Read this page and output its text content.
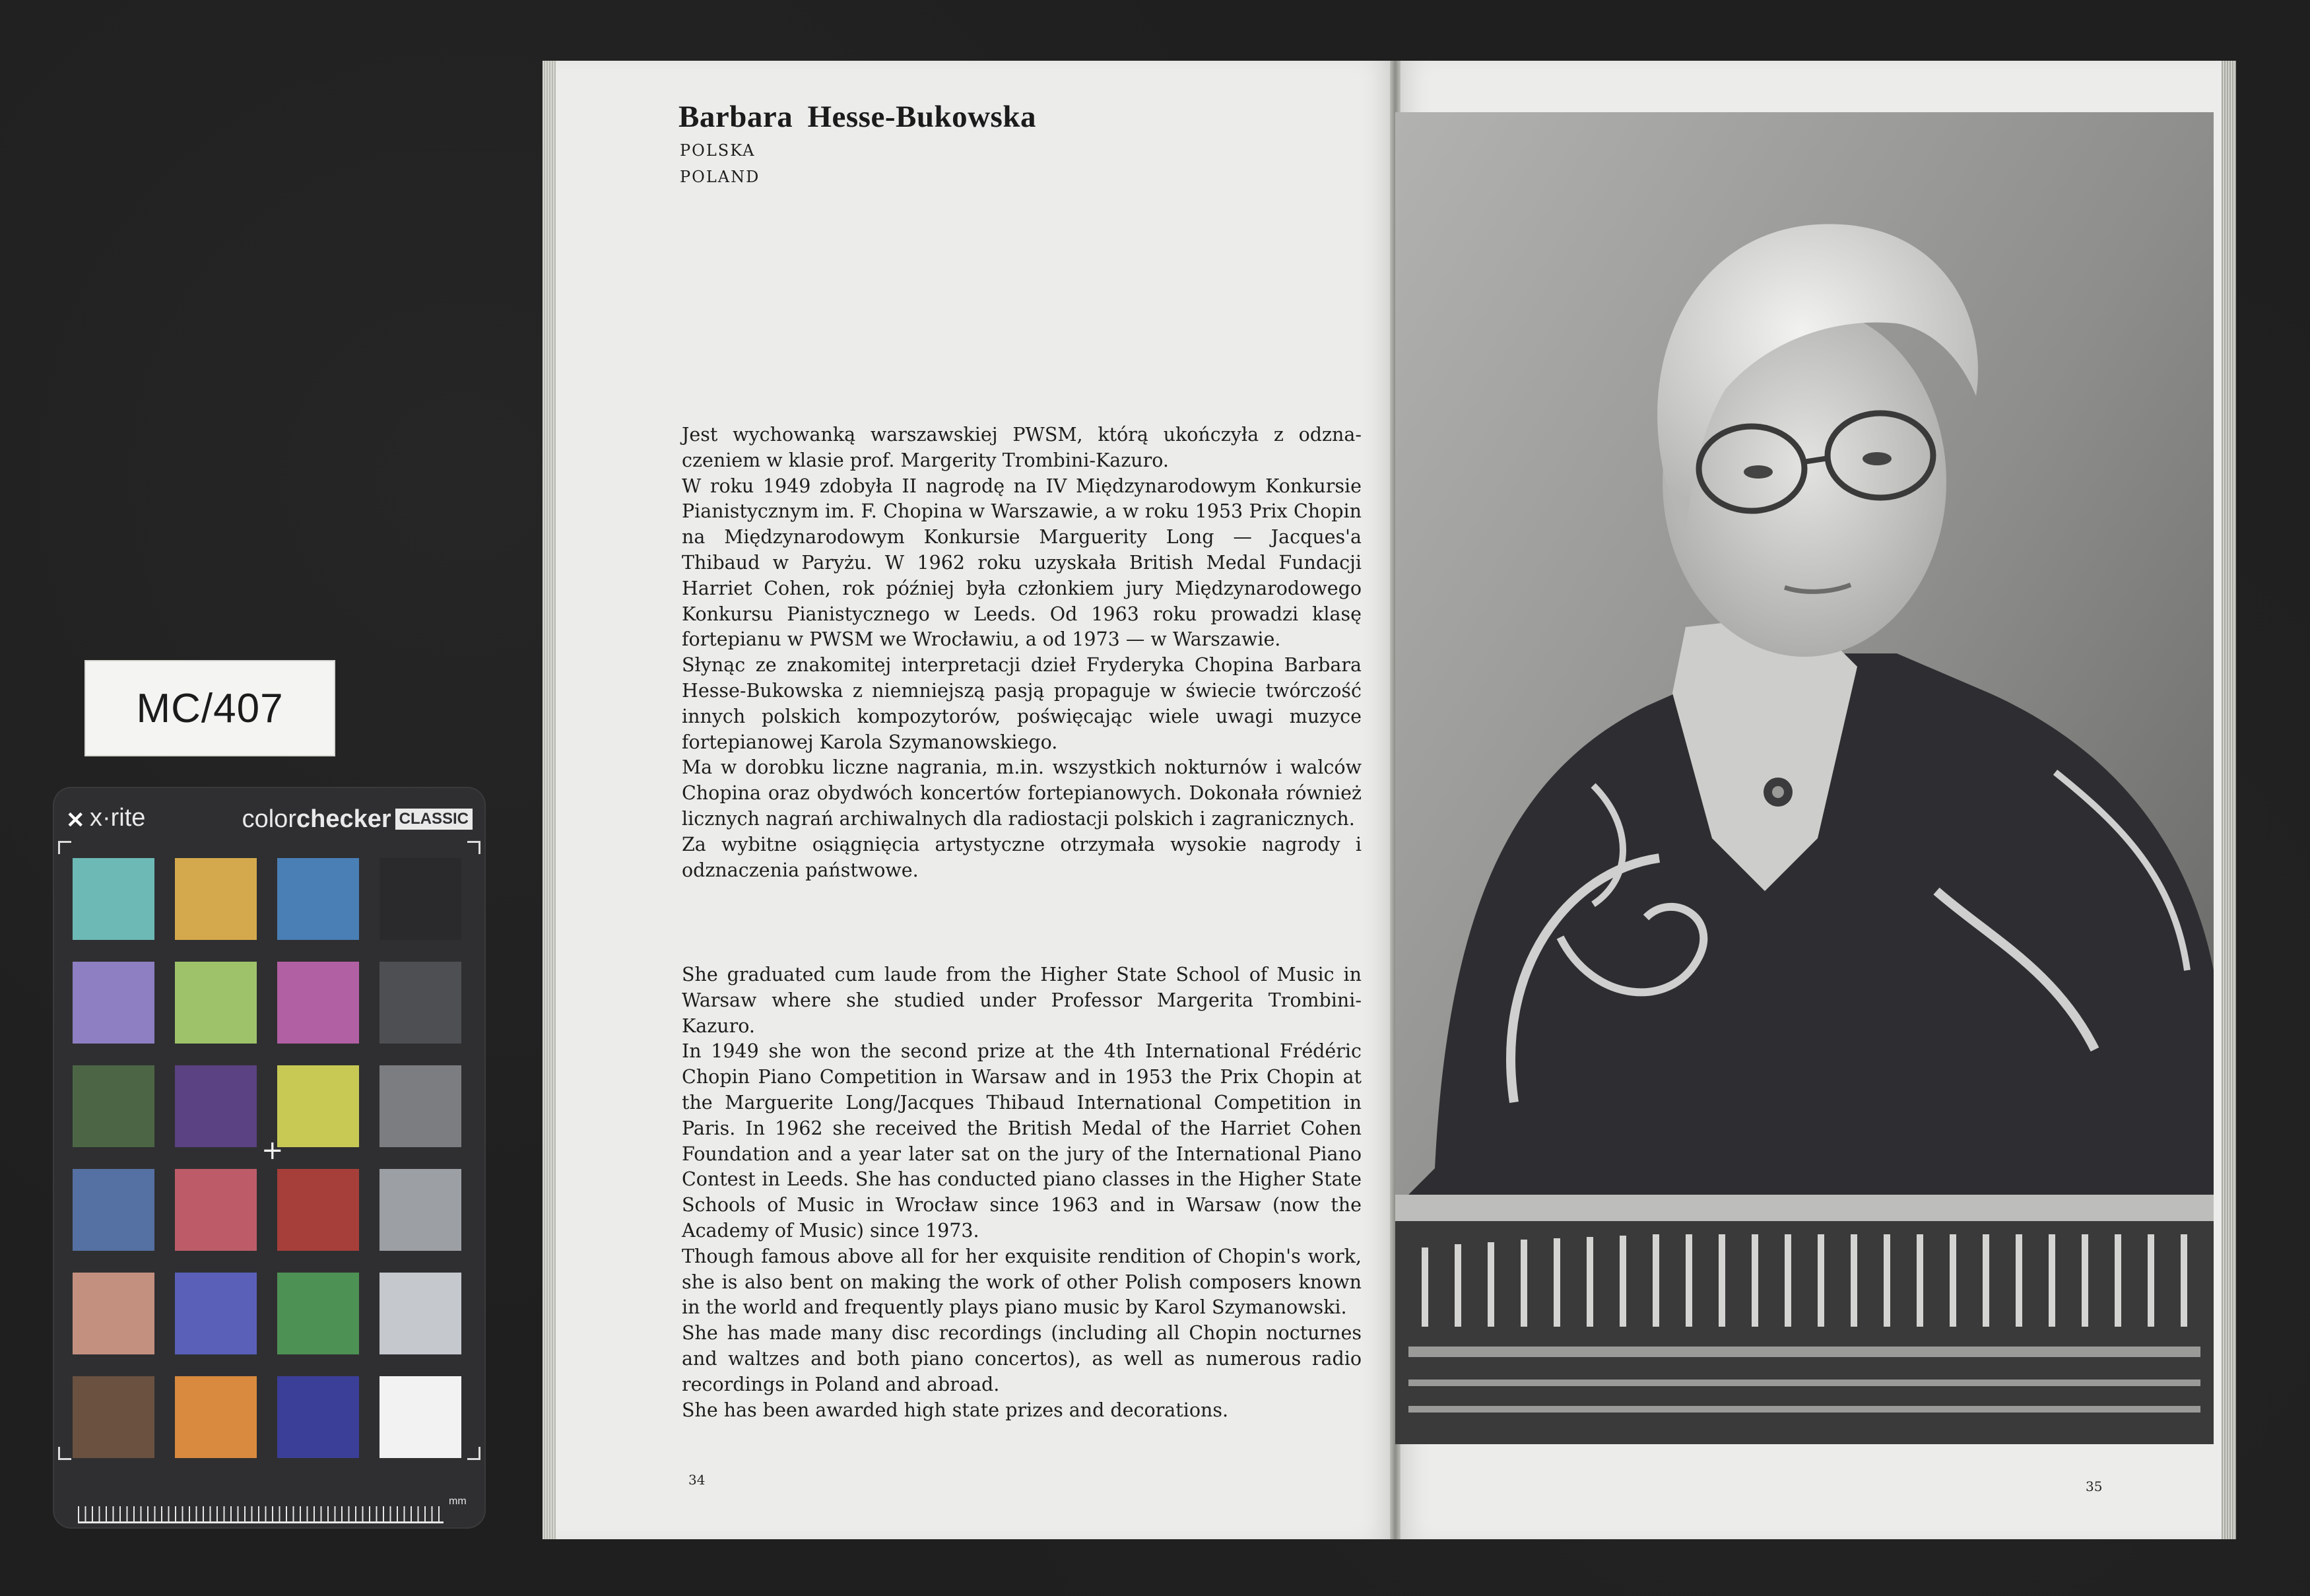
MC/407
✕ x·rite	colorchecker CLASSIC
+
mm
Barbara Hesse-Bukowska
POLSKA
POLAND

Jest wychowanką warszawskiej PWSM, którą ukończyła z odznaczeniem w klasie prof. Margerity Trombini-Kazuro.

W roku 1949 zdobyła II nagrodę na IV Międzynarodowym Konkursie Pianistycznym im. F. Chopina w Warszawie, a w roku 1953 Prix Chopin na Międzynarodowym Konkursie Marguerity Long — Jacques'a Thibaud w Paryżu. W 1962 roku uzyskała British Medal Fundacji Harriet Cohen, rok później była członkiem jury Międzynarodowego Konkursu Pianistycznego w Leeds. Od 1963 roku prowadzi klasę fortepianu w PWSM we Wrocławiu, a od 1973 — w Warszawie.

Słynąc ze znakomitej interpretacji dzieł Fryderyka Chopina Barbara Hesse-Bukowska z niemniejszą pasją propaguje w świecie twórczość innych polskich kompozytorów, poświęcając wiele uwagi muzyce fortepianowej Karola Szymanowskiego.

Ma w dorobku liczne nagrania, m.in. wszystkich nokturnów i walców Chopina oraz obydwóch koncertów fortepianowych. Dokonała również licznych nagrań archiwalnych dla radiostacji polskich i zagranicznych.

Za wybitne osiągnięcia artystyczne otrzymała wysokie nagrody i odznaczenia państwowe.

She graduated cum laude from the Higher State School of Music in Warsaw where she studied under Professor Margerita Trombini-Kazuro.

In 1949 she won the second prize at the 4th International Frédéric Chopin Piano Competition in Warsaw and in 1953 the Prix Chopin at the Marguerite Long/Jacques Thibaud International Competition in Paris. In 1962 she received the British Medal of the Harriet Cohen Foundation and a year later sat on the jury of the International Piano Contest in Leeds. She has conducted piano classes in the Higher State Schools of Music in Wrocław since 1963 and in Warsaw (now the Academy of Music) since 1973.

Though famous above all for her exquisite rendition of Chopin's work, she is also bent on making the work of other Polish composers known in the world and frequently plays piano music by Karol Szymanowski.

She has made many disc recordings (including all Chopin nocturnes and waltzes and both piano concertos), as well as numerous radio recordings in Poland and abroad.

She has been awarded high state prizes and decorations.

34	35
